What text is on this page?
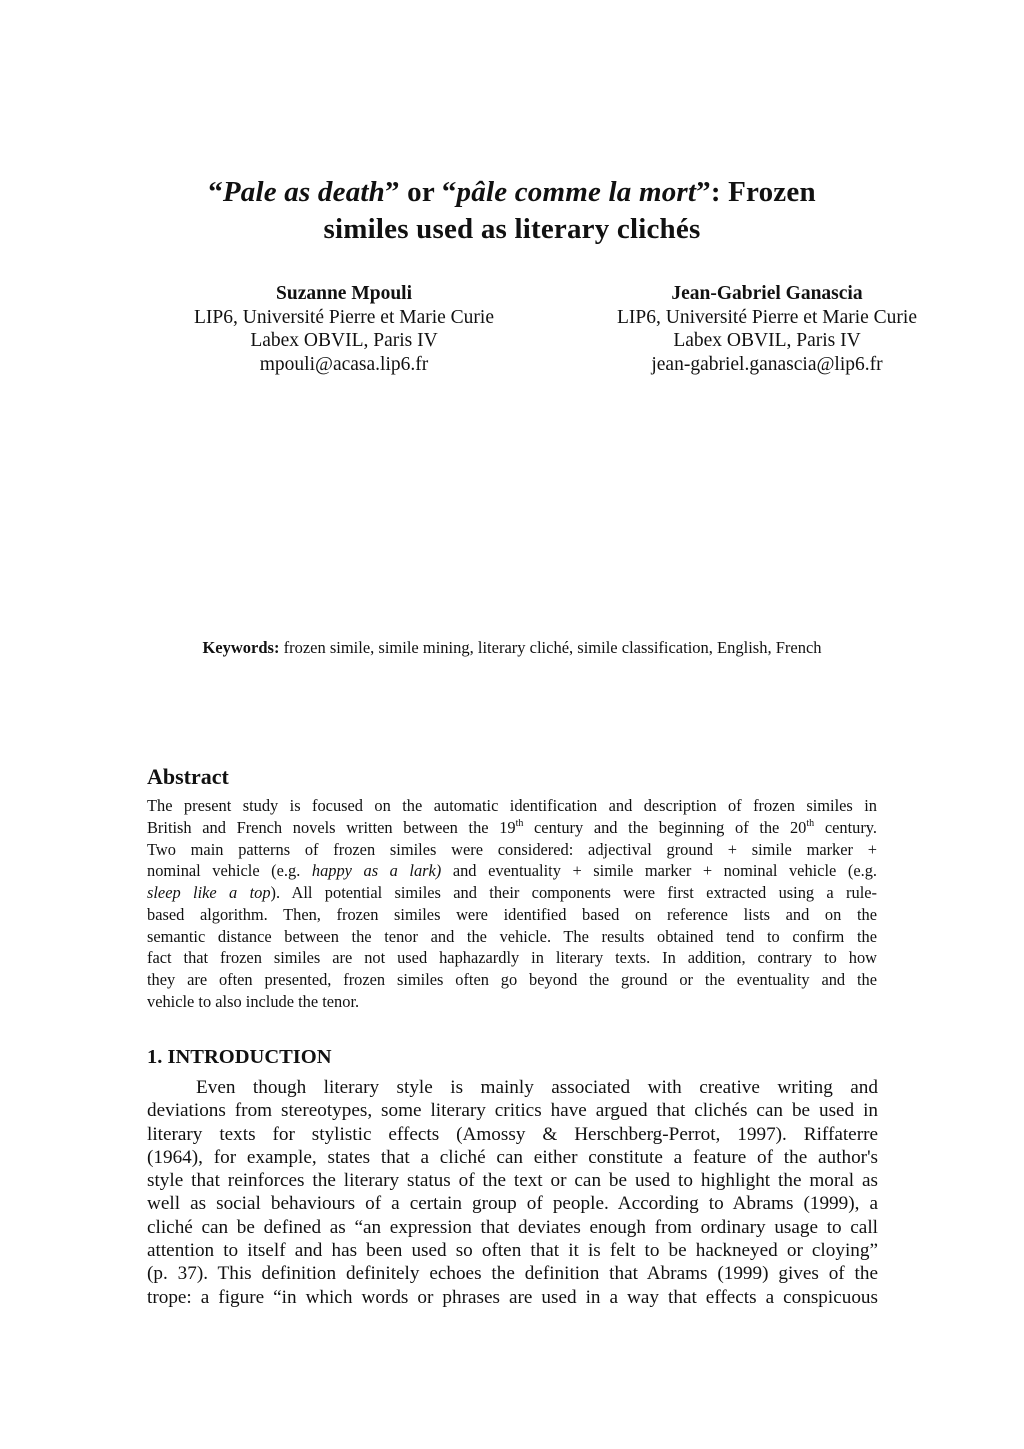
“Pale as death” or “pâle comme la mort”: Frozen
similes used as literary clichés
Suzanne Mpouli
LIP6, Université Pierre et Marie Curie
Labex OBVIL, Paris IV
mpouli@acasa.lip6.fr
Jean-Gabriel Ganascia
LIP6, Université Pierre et Marie Curie
Labex OBVIL, Paris IV
jean-gabriel.ganascia@lip6.fr
Keywords: frozen simile, simile mining, literary cliché, simile classification, English, French
Abstract
The present study is focused on the automatic identification and description of frozen similes in
British and French novels written between the 19th century and the beginning of the 20th century.
Two main patterns of frozen similes were considered: adjectival ground + simile marker +
nominal vehicle (e.g. happy as a lark) and eventuality + simile marker + nominal vehicle (e.g.
sleep like a top). All potential similes and their components were first extracted using a rule-
based algorithm. Then, frozen similes were identified based on reference lists and on the
semantic distance between the tenor and the vehicle. The results obtained tend to confirm the
fact that frozen similes are not used haphazardly in literary texts. In addition, contrary to how
they are often presented, frozen similes often go beyond the ground or the eventuality and the
vehicle to also include the tenor.
1. INTRODUCTION
Even though literary style is mainly associated with creative writing and
deviations from stereotypes, some literary critics have argued that clichés can be used in
literary texts for stylistic effects (Amossy & Herschberg-Perrot, 1997). Riffaterre
(1964), for example, states that a cliché can either constitute a feature of the author's
style that reinforces the literary status of the text or can be used to highlight the moral as
well as social behaviours of a certain group of people. According to Abrams (1999), a
cliché can be defined as “an expression that deviates enough from ordinary usage to call
attention to itself and has been used so often that it is felt to be hackneyed or cloying”
(p. 37). This definition definitely echoes the definition that Abrams (1999) gives of the
trope: a figure “in which words or phrases are used in a way that effects a conspicuous
